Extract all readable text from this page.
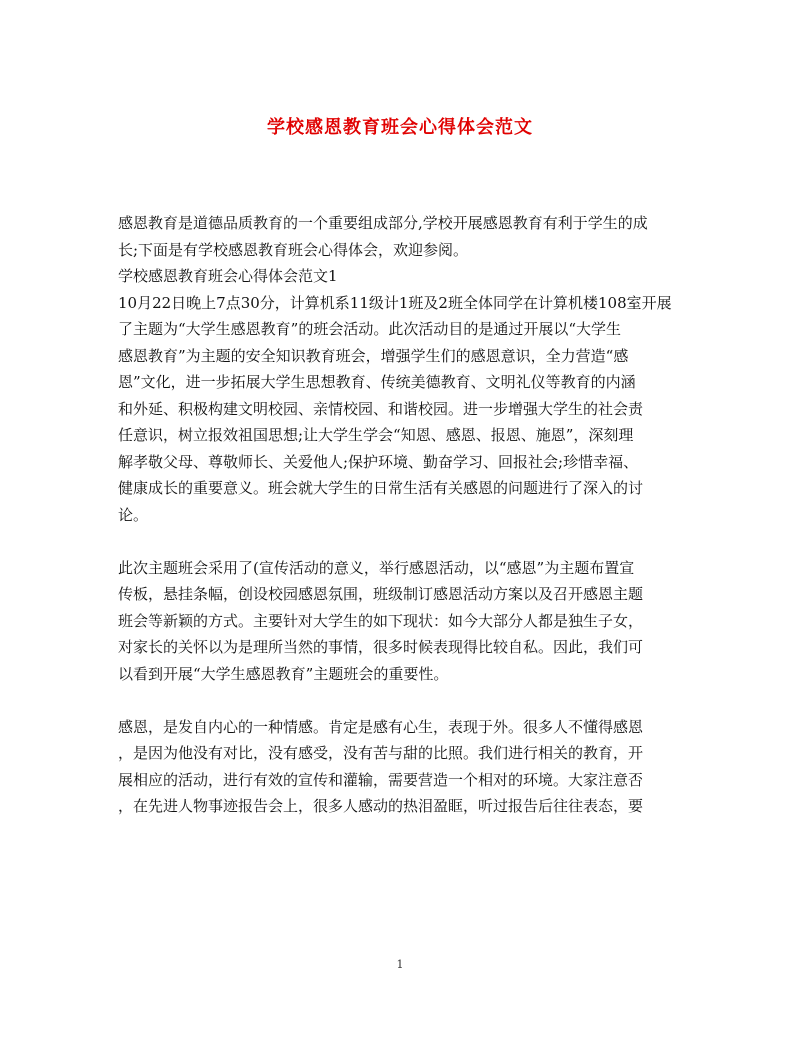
学校感恩教育班会心得体会范文
感恩教育是道德品质教育的一个重要组成部分,学校开展感恩教育有利于学生的成
长;下面是有学校感恩教育班会心得体会，欢迎参阅。
学校感恩教育班会心得体会范文1
10月22日晚上7点30分，计算机系11级计1班及2班全体同学在计算机楼108室开展
了主题为“大学生感恩教育”的班会活动。此次活动目的是通过开展以“大学生
感恩教育”为主题的安全知识教育班会，增强学生们的感恩意识，全力营造“感
恩”文化，进一步拓展大学生思想教育、传统美德教育、文明礼仪等教育的内涵
和外延、积极构建文明校园、亲情校园、和谐校园。进一步增强大学生的社会责
任意识，树立报效祖国思想;让大学生学会“知恩、感恩、报恩、施恩”，深刻理
解孝敬父母、尊敬师长、关爱他人;保护环境、勤奋学习、回报社会;珍惜幸福、
健康成长的重要意义。班会就大学生的日常生活有关感恩的问题进行了深入的讨
论。
此次主题班会采用了(宣传活动的意义，举行感恩活动，以“感恩”为主题布置宣
传板，悬挂条幅，创设校园感恩氛围，班级制订感恩活动方案以及召开感恩主题
班会等新颖的方式。主要针对大学生的如下现状：如今大部分人都是独生子女，
对家长的关怀以为是理所当然的事情，很多时候表现得比较自私。因此，我们可
以看到开展“大学生感恩教育”主题班会的重要性。
感恩，是发自内心的一种情感。肯定是感有心生，表现于外。很多人不懂得感恩
，是因为他没有对比，没有感受，没有苦与甜的比照。我们进行相关的教育，开
展相应的活动，进行有效的宣传和灌输，需要营造一个相对的环境。大家注意否
，在先进人物事迹报告会上，很多人感动的热泪盈眶，听过报告后往往表态，要
1
